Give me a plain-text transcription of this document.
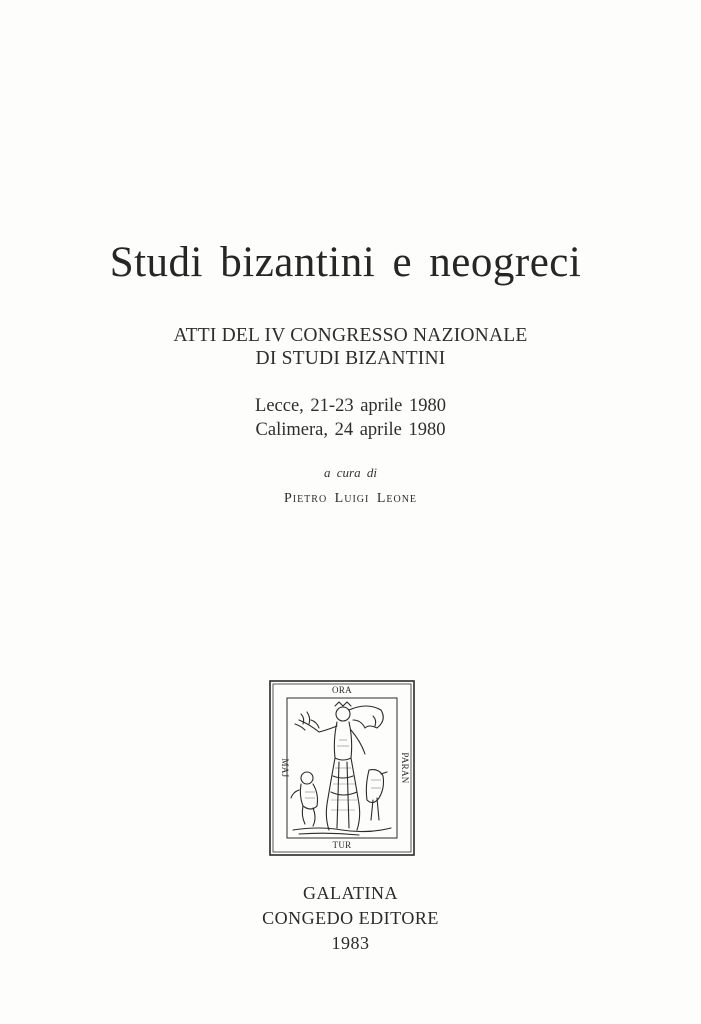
Studi bizantini e neogreci
ATTI DEL IV CONGRESSO NAZIONALE
DI STUDI BIZANTINI
Lecce, 21-23 aprile 1980
Calimera, 24 aprile 1980
a cura di
Pietro Luigi Leone
ORA
TUR
MAJ	PARAN
GALATINA
CONGEDO EDITORE
1983
